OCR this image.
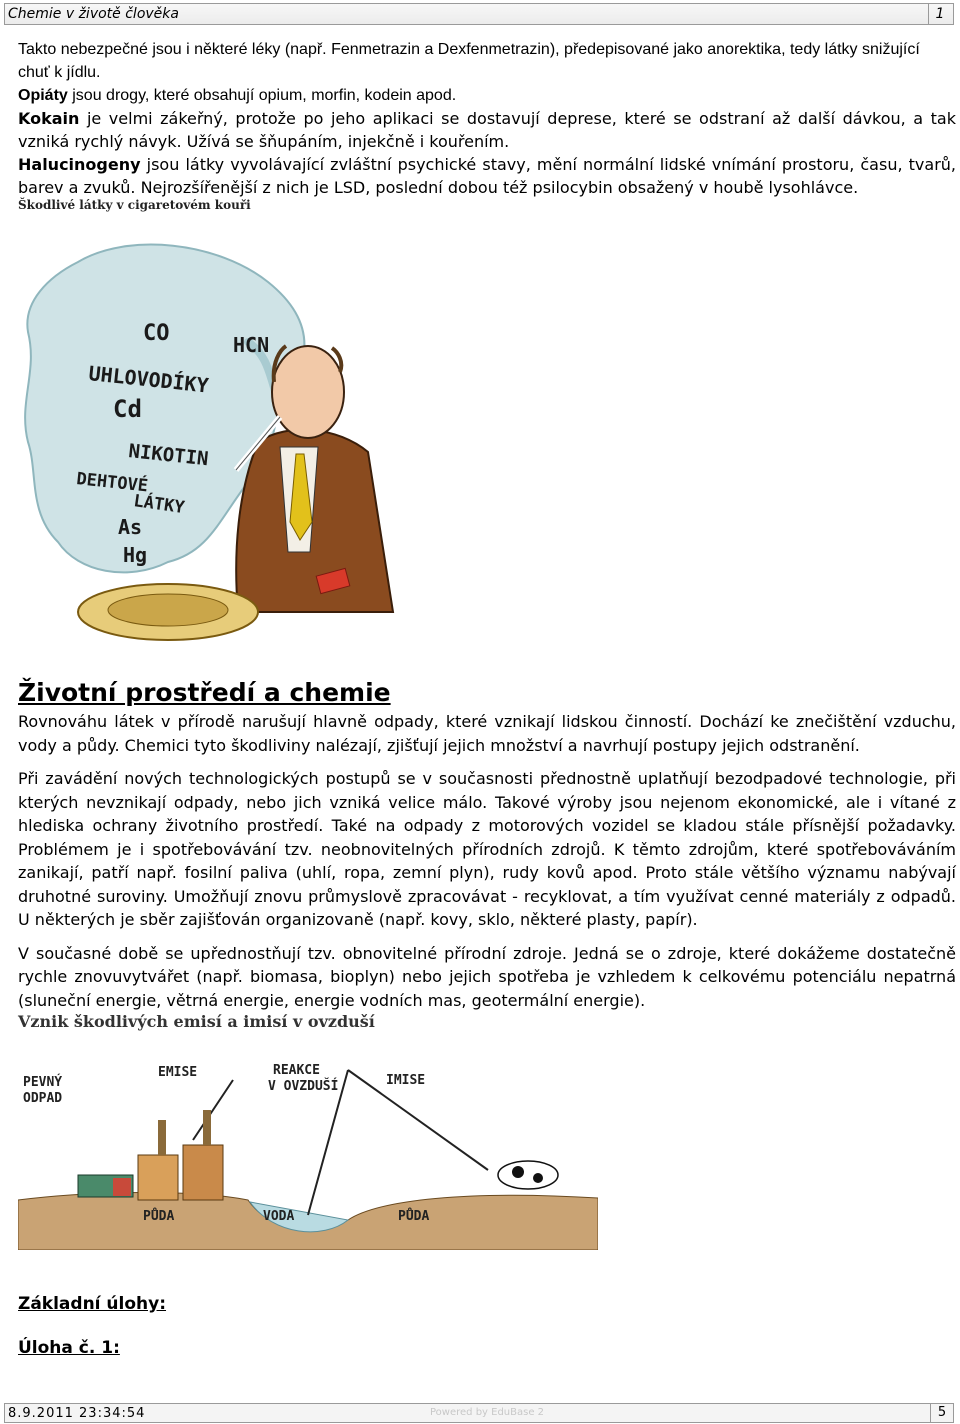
Chemie v životě člověka	1

Takto nebezpečné jsou i některé léky (např. Fenmetrazin a Dexfenmetrazin), předepisované jako anorektika, tedy látky snižující chuť k jídlu.

Opiáty jsou drogy, které obsahují opium, morfin, kodein apod.

Kokain je velmi zákeřný, protože po jeho aplikaci se dostavují deprese, které se odstraní až další dávkou, a tak vzniká rychlý návyk. Užívá se šňupáním, injekčně i kouřením.

Halucinogeny jsou látky vyvolávající zvláštní psychické stavy, mění normální lidské vnímání prostoru, času, tvarů, barev a zvuků. Nejrozšířenější z nich je LSD, poslední dobou též psilocybin obsažený v houbě lysohlávce.

Škodlivé látky v cigaretovém kouři
CO	HCN
UHLOVODÍKY
Cd
NIKOTIN
DEHTOVÉ
LÁTKY
As
Hg
Životní prostředí a chemie

Rovnováhu látek v přírodě narušují hlavně odpady, které vznikají lidskou činností. Dochází ke znečištění vzduchu, vody a půdy. Chemici tyto škodliviny nalézají, zjišťují jejich množství a navrhují postupy jejich odstranění.

Při zavádění nových technologických postupů se v současnosti přednostně uplatňují bezodpadové technologie, při kterých nevznikají odpady, nebo jich vzniká velice málo. Takové výroby jsou nejenom ekonomické, ale i vítané z hlediska ochrany životního prostředí. Také na odpady z motorových vozidel se kladou stále přísnější požadavky. Problémem je i spotřebovávání tzv. neobnovitelných přírodních zdrojů. K těmto zdrojům, které spotřebováváním zanikají, patří např. fosilní paliva (uhlí, ropa, zemní plyn), rudy kovů apod. Proto stále většího významu nabývají druhotné suroviny. Umožňují znovu průmyslově zpracovávat - recyklovat, a tím využívat cenné materiály z odpadů. U některých je sběr zajišťován organizovaně (např. kovy, sklo, některé plasty, papír).

V současné době se upřednostňují tzv. obnovitelné přírodní zdroje. Jedná se o zdroje, které dokážeme dostatečně rychle znovuvytvářet (např. biomasa, bioplyn) nebo jejich spotřeba je vzhledem k celkovému potenciálu nepatrná (sluneční energie, větrná energie, energie vodních mas, geotermální energie).

Vznik škodlivých emisí a imisí v ovzduší
PEVNÝ
ODPAD
EMISE	REAKCE
V OVZDUŠÍ	IMISE
PŮDA	VODA	PŮDA
Základní úlohy:
Úloha č. 1:
8.9.2011 23:34:54	Powered by EduBase 2	5
